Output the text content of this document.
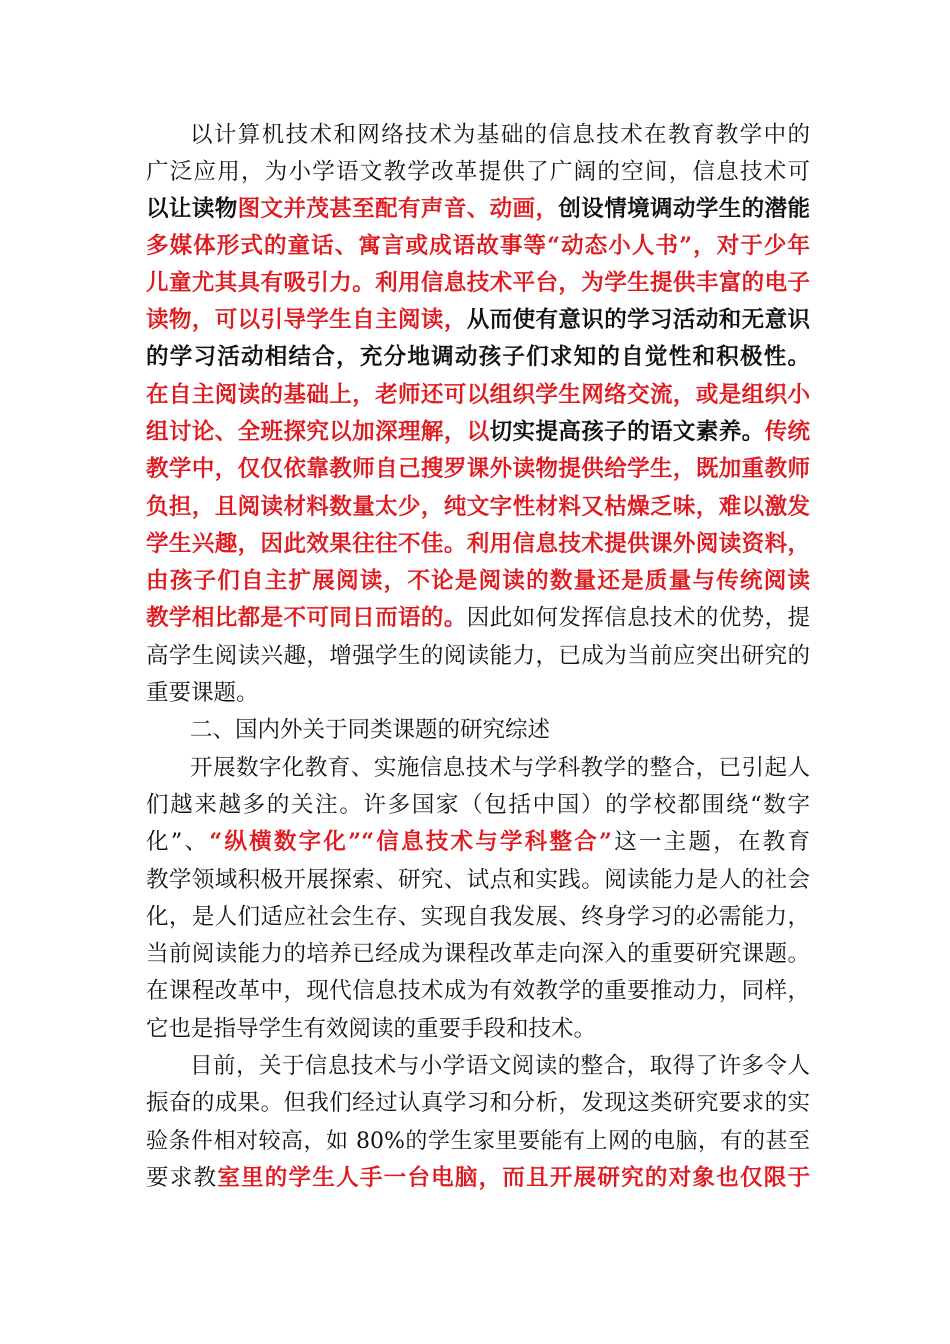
以计算机技术和网络技术为基础的信息技术在教育教学中的
广泛应用，为小学语文教学改革提供了广阔的空间，信息技术可
以让读物图文并茂甚至配有声音、动画，创设情境调动学生的潜能
多媒体形式的童话、寓言或成语故事等“动态小人书”，对于少年
儿童尤其具有吸引力。利用信息技术平台，为学生提供丰富的电子
读物，可以引导学生自主阅读，从而使有意识的学习活动和无意识
的学习活动相结合，充分地调动孩子们求知的自觉性和积极性。
在自主阅读的基础上，老师还可以组织学生网络交流，或是组织小
组讨论、全班探究以加深理解，以切实提高孩子的语文素养。传统
教学中，仅仅依靠教师自己搜罗课外读物提供给学生，既加重教师
负担，且阅读材料数量太少，纯文字性材料又枯燥乏味，难以激发
学生兴趣，因此效果往往不佳。利用信息技术提供课外阅读资料，
由孩子们自主扩展阅读，不论是阅读的数量还是质量与传统阅读
教学相比都是不可同日而语的。因此如何发挥信息技术的优势，提
高学生阅读兴趣，增强学生的阅读能力，已成为当前应突出研究的
重要课题。
二、国内外关于同类课题的研究综述
开展数字化教育、实施信息技术与学科教学的整合，已引起人
们越来越多的关注。许多国家（包括中国）的学校都围绕“数字
化”、“纵横数字化”“信息技术与学科整合”这一主题，在教育
教学领域积极开展探索、研究、试点和实践。阅读能力是人的社会
化，是人们适应社会生存、实现自我发展、终身学习的必需能力，
当前阅读能力的培养已经成为课程改革走向深入的重要研究课题。
在课程改革中，现代信息技术成为有效教学的重要推动力，同样，
它也是指导学生有效阅读的重要手段和技术。
目前，关于信息技术与小学语文阅读的整合，取得了许多令人
振奋的成果。但我们经过认真学习和分析，发现这类研究要求的实
验条件相对较高，如 80%的学生家里要能有上网的电脑，有的甚至
要求教室里的学生人手一台电脑，而且开展研究的对象也仅限于
